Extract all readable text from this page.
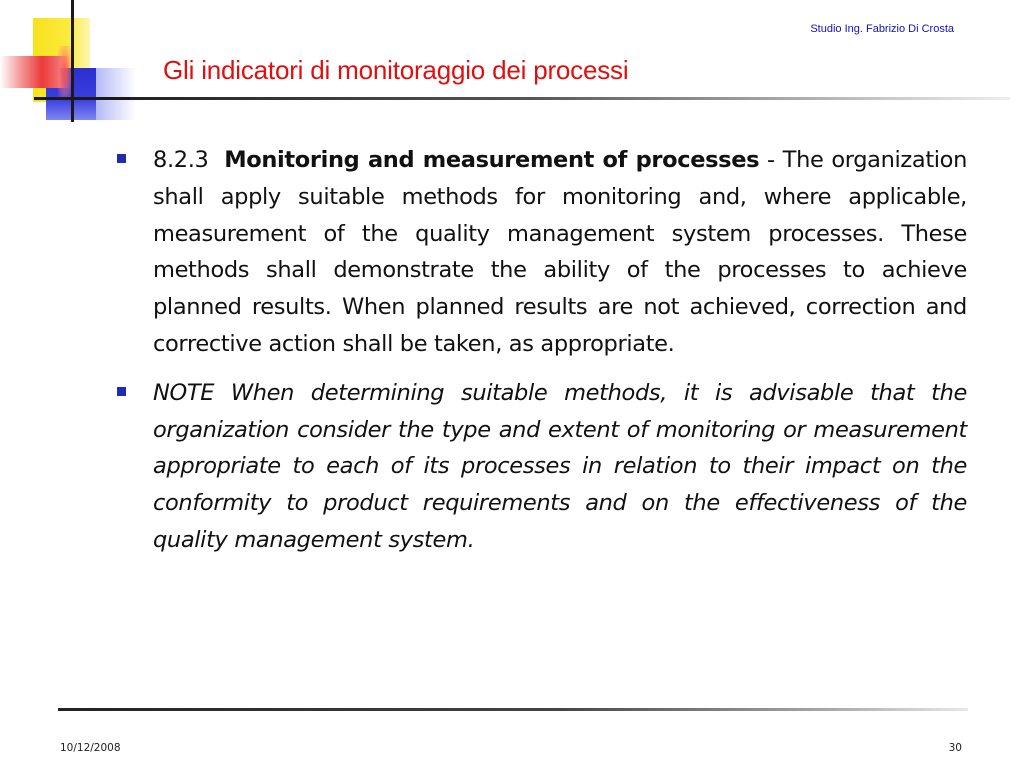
Studio Ing. Fabrizio Di Crosta
Gli indicatori di monitoraggio dei processi

8.2.3 Monitoring and measurement of processes - The organization shall apply suitable methods for monitoring and, where applicable, measurement of the quality management system processes. These methods shall demonstrate the ability of the processes to achieve planned results. When planned results are not achieved, correction and corrective action shall be taken, as appropriate.

NOTE When determining suitable methods, it is advisable that the organization consider the type and extent of monitoring or measurement appropriate to each of its processes in relation to their impact on the conformity to product requirements and on the effectiveness of the quality management system.

10/12/2008	30
